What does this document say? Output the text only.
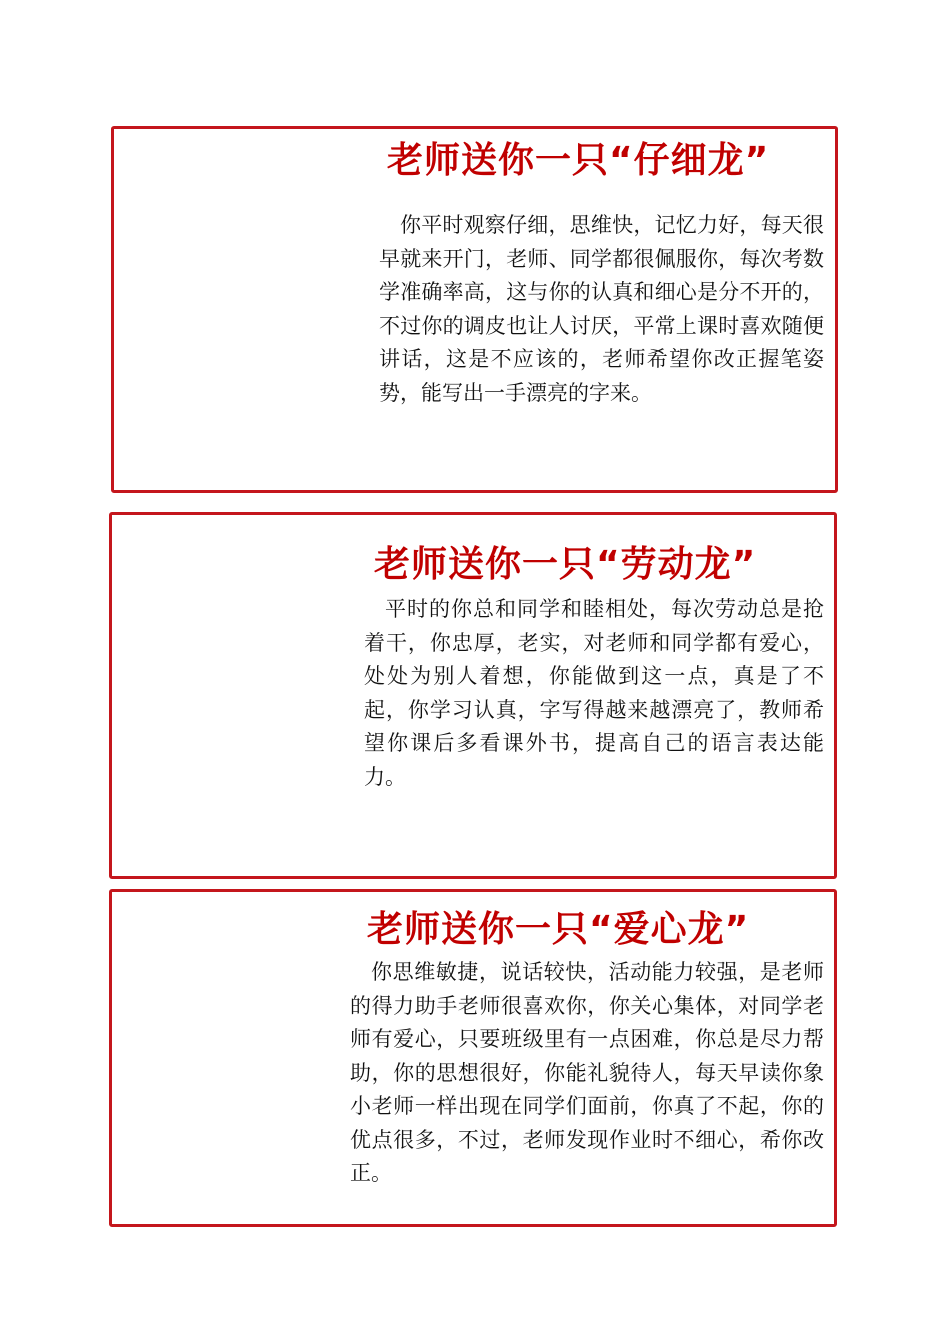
老师送你一只“仔细龙”

你平时观察仔细，思维快，记忆力好，每天很早就来开门，老师、同学都很佩服你，每次考数学准确率高，这与你的认真和细心是分不开的，不过你的调皮也让人讨厌，平常上课时喜欢随便讲话，这是不应该的，老师希望你改正握笔姿势，能写出一手漂亮的字来。

老师送你一只“劳动龙”

平时的你总和同学和睦相处，每次劳动总是抢着干，你忠厚，老实，对老师和同学都有爱心，处处为别人着想，你能做到这一点，真是了不起，你学习认真，字写得越来越漂亮了，教师希望你课后多看课外书，提高自己的语言表达能力。

老师送你一只“爱心龙”

你思维敏捷，说话较快，活动能力较强，是老师的得力助手老师很喜欢你，你关心集体，对同学老师有爱心，只要班级里有一点困难，你总是尽力帮助，你的思想很好，你能礼貌待人，每天早读你象小老师一样出现在同学们面前，你真了不起，你的优点很多，不过，老师发现作业时不细心，希你改正。
